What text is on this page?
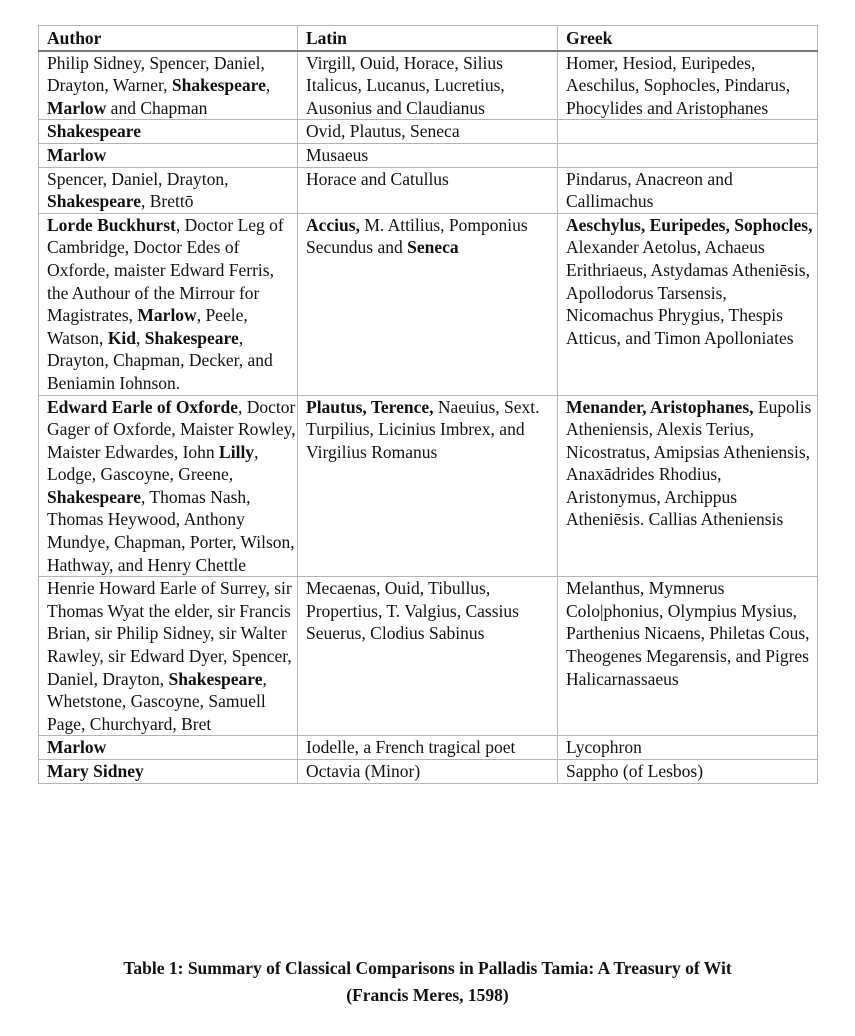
Author	Latin	Greek
Philip Sidney, Spencer, Daniel, Drayton, Warner, Shakespeare, Marlow and Chapman	Virgill, Ouid, Horace, Silius Italicus, Lucanus, Lucretius, Ausonius and Claudianus	Homer, Hesiod, Euripedes, Aeschilus, Sophocles, Pindarus, Phocylides and Aristophanes
Shakespeare	Ovid, Plautus, Seneca	
Marlow	Musaeus	
Spencer, Daniel, Drayton, Shakespeare, Brettō	Horace and Catullus	Pindarus, Anacreon and Callimachus
Lorde Buckhurst, Doctor Leg of Cambridge, Doctor Edes of Oxforde, maister Edward Ferris, the Authour of the Mirrour for Magistrates, Marlow, Peele, Watson, Kid, Shakespeare, Drayton, Chapman, Decker, and Beniamin Iohnson.	Accius, M. Attilius, Pomponius Secundus and Seneca	Aeschylus, Euripedes, Sophocles, Alexander Aetolus, Achaeus Erithriaeus, Astydamas Atheniēsis, Apollodorus Tarsensis, Nicomachus Phrygius, Thespis Atticus, and Timon Apolloniates
Edward Earle of Oxforde, Doctor Gager of Oxforde, Maister Rowley, Maister Edwardes, Iohn Lilly, Lodge, Gascoyne, Greene, Shakespeare, Thomas Nash, Thomas Heywood, Anthony Mundye, Chapman, Porter, Wilson, Hathway, and Henry Chettle	Plautus, Terence, Naeuius, Sext. Turpilius, Licinius Imbrex, and Virgilius Romanus	Menander, Aristophanes, Eupolis Atheniensis, Alexis Terius, Nicostratus, Amipsias Atheniensis, Anaxādrides Rhodius, Aristonymus, Archippus Atheniēsis. Callias Atheniensis
Henrie Howard Earle of Surrey, sir Thomas Wyat the elder, sir Francis Brian, sir Philip Sidney, sir Walter Rawley, sir Edward Dyer, Spencer, Daniel, Drayton, Shakespeare, Whetstone, Gascoyne, Samuell Page, Churchyard, Bret	Mecaenas, Ouid, Tibullus, Propertius, T. Valgius, Cassius Seuerus, Clodius Sabinus	Melanthus, Mymnerus Colo|phonius, Olympius Mysius, Parthenius Nicaens, Philetas Cous, Theogenes Megarensis, and Pigres Halicarnassaeus
Marlow	Iodelle, a French tragical poet	Lycophron
Mary Sidney	Octavia (Minor)	Sappho (of Lesbos)
Table 1: Summary of Classical Comparisons in Palladis Tamia: A Treasury of Wit
(Francis Meres, 1598)
